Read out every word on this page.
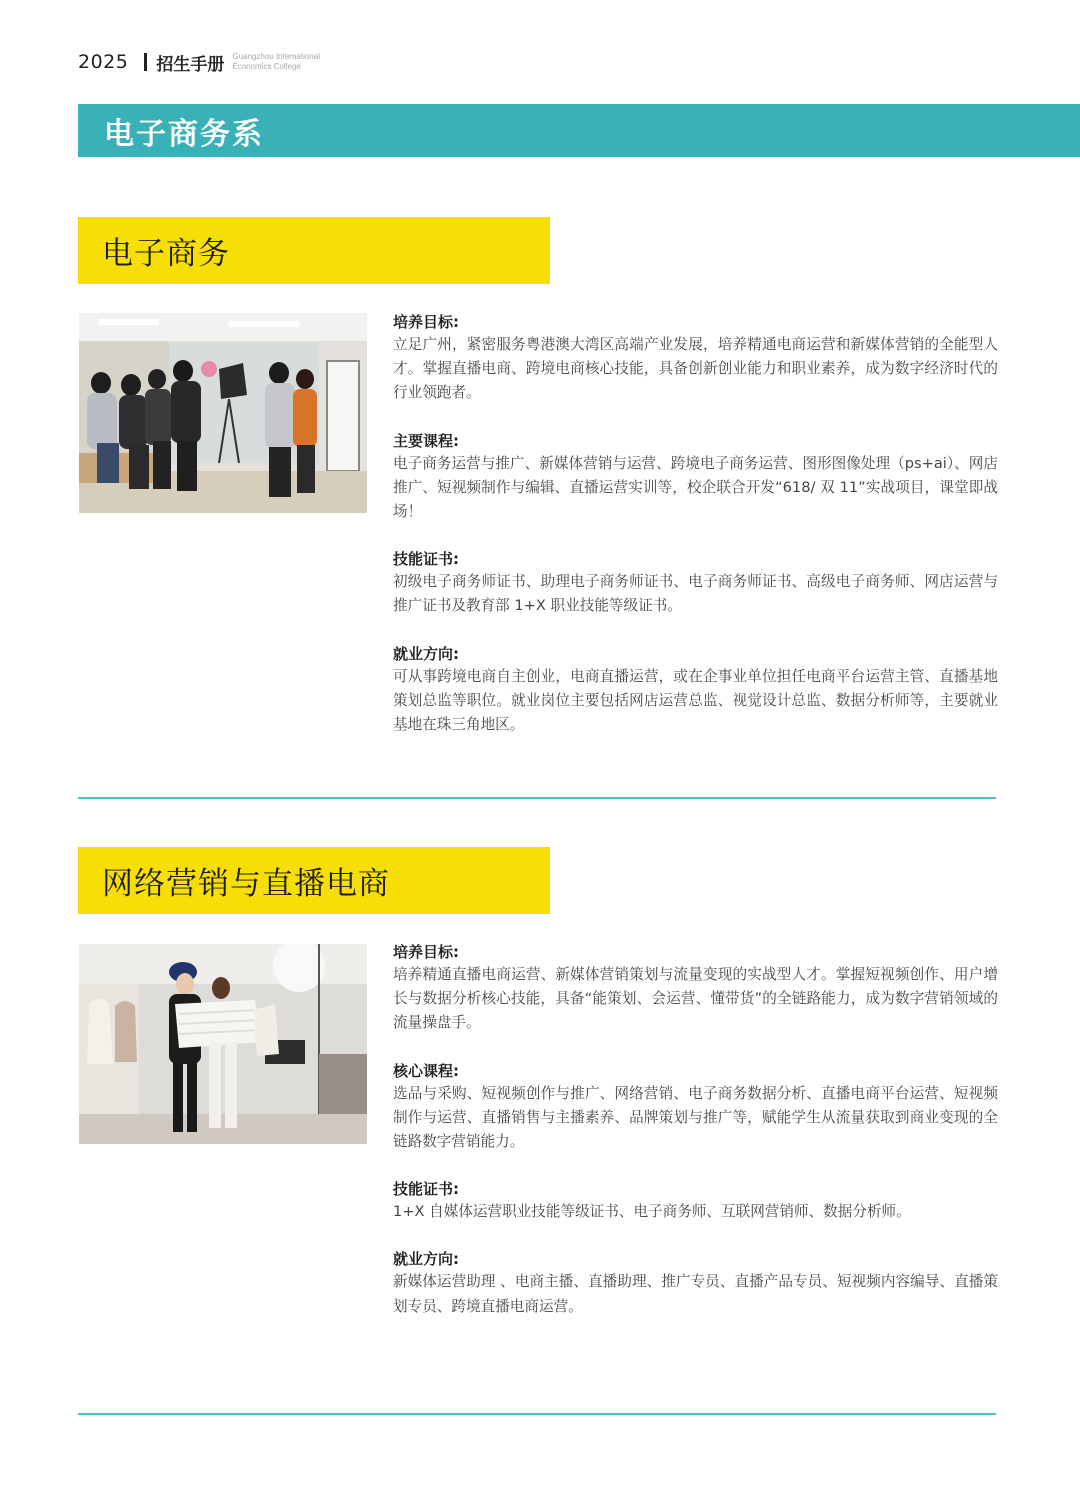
2025 招生手册 Guangzhou International
Economics College
电子商务系
电子商务
培养目标:
立足广州，紧密服务粤港澳大湾区高端产业发展，培养精通电商运营和新媒体营销的全能型人才。掌握直播电商、跨境电商核心技能，具备创新创业能力和职业素养，成为数字经济时代的行业领跑者。
主要课程:
电子商务运营与推广、新媒体营销与运营、跨境电子商务运营、图形图像处理（ps+ai）、网店推广、短视频制作与编辑、直播运营实训等，校企联合开发“618/ 双 11”实战项目，课堂即战场！
技能证书:
初级电子商务师证书、助理电子商务师证书、电子商务师证书、高级电子商务师、网店运营与推广证书及教育部 1+X 职业技能等级证书。
就业方向:
可从事跨境电商自主创业，电商直播运营，或在企事业单位担任电商平台运营主管、直播基地策划总监等职位。就业岗位主要包括网店运营总监、视觉设计总监、数据分析师等，主要就业基地在珠三角地区。
网络营销与直播电商
培养目标:
培养精通直播电商运营、新媒体营销策划与流量变现的实战型人才。掌握短视频创作、用户增长与数据分析核心技能，具备“能策划、会运营、懂带货”的全链路能力，成为数字营销领域的流量操盘手。
核心课程:
选品与采购、短视频创作与推广、网络营销、电子商务数据分析、直播电商平台运营、短视频制作与运营、直播销售与主播素养、品牌策划与推广等，赋能学生从流量获取到商业变现的全链路数字营销能力。
技能证书:
1+X 自媒体运营职业技能等级证书、电子商务师、互联网营销师、数据分析师。
就业方向:
新媒体运营助理 、电商主播、直播助理、推广专员、直播产品专员、短视频内容编导、直播策划专员、跨境直播电商运营。
